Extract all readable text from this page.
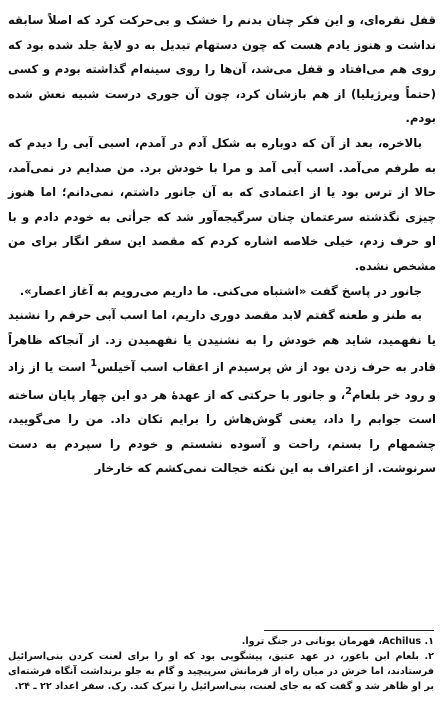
قفل نقره‌ای، و این فکر چنان بدنم را خشک و بی‌حرکت کرد که اصلاً سابقه نداشت و هنوز یادم هست که چون دستهام تبدیل به دو لایهٔ جلد شده بود که روی هم می‌افتاد و قفل می‌شد، آن‌ها را روی سینه‌ام گذاشته بودم و کسی (حتماً ویرژیلیا) از هم بازشان کرد، چون آن جوری درست شبیه نعش شده بودم.

بالاخره، بعد از آن که دوباره به شکل آدم در آمدم، اسبی آبی را دیدم که به طرفم می‌آمد. اسب آبی آمد و مرا با خودش برد. من صدایم در نمی‌آمد، حالا از ترس بود یا از اعتمادی که به آن جانور داشتم، نمی‌دانم؛ اما هنوز چیزی نگذشته سرعتمان چنان سرگیجه‌آور شد که جرأتی به خودم دادم و با او حرف زدم، خیلی خلاصه اشاره کردم که مقصد این سفر انگار برای من مشخص نشده.

جانور در پاسخ گفت «اشتباه می‌کنی. ما داریم می‌رویم به آغاز اعصار».

به طنز و طعنه گفتم لابد مقصد دوری داریم، اما اسب آبی حرفم را نشنید یا نفهمید، شاید هم خودش را به نشنیدن یا نفهمیدن زد. از آنجاکه ظاهراً قادر به حرف زدن بود از ش پرسیدم از اعقاب اسب آخیلس$^1$ است یا از زاد و رود خر بلعام$^2$، و جانور با حرکتی که از عهدهٔ هر دو این چهار پایان ساخته است جوابم را داد، یعنی گوش‌هاش را برایم تکان داد. من را می‌گویید، چشمهام را بستم، راحت و آسوده نشستم و خودم را سپردم به دست سرنوشت. از اعتراف به این نکته خجالت نمی‌کشم که خارخار

۱. Achilus، قهرمان یونانی در جنگ تروا.

۲. بلعام ابن باعور، در عهد عتیق، پیشگویی بود که او را برای لعنت کردن بنی‌اسرائیل فرستادند، اما خرش در میان راه از فرمانش سرپیچید و گام به جلو برنداشت آنگاه فرشته‌ای بر او ظاهر شد و گفت که به جای لعنت، بنی‌اسرائیل را تبرک کند. رک. سفر اعداد ۲۲ ـ ۲۴.
